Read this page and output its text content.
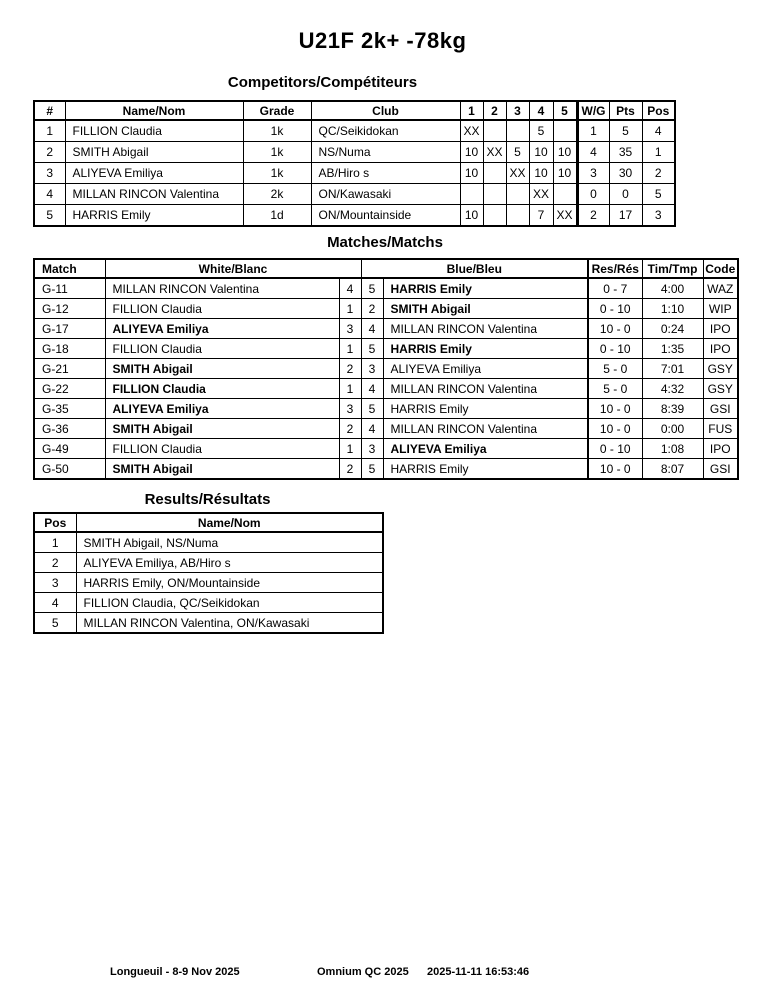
U21F 2k+ -78kg
Competitors/Compétiteurs
#	Name/Nom	Grade	Club	1	2	3	4	5	W/G	Pts	Pos
1	FILLION Claudia	1k	QC/Seikidokan	XX			5		1	5	4
2	SMITH Abigail	1k	NS/Numa	10	XX	5	10	10	4	35	1
3	ALIYEVA Emiliya	1k	AB/Hiro s	10		XX	10	10	3	30	2
4	MILLAN RINCON Valentina	2k	ON/Kawasaki				XX		0	0	5
5	HARRIS Emily	1d	ON/Mountainside	10			7	XX	2	17	3
Matches/Matchs
Match	White/Blanc		Blue/Bleu		Res/Rés	Tim/Tmp	Code
G-11	MILLAN RINCON Valentina	4	5	HARRIS Emily	0 - 7	4:00	WAZ
G-12	FILLION Claudia	1	2	SMITH Abigail	0 - 10	1:10	WIP
G-17	ALIYEVA Emiliya	3	4	MILLAN RINCON Valentina	10 - 0	0:24	IPO
G-18	FILLION Claudia	1	5	HARRIS Emily	0 - 10	1:35	IPO
G-21	SMITH Abigail	2	3	ALIYEVA Emiliya	5 - 0	7:01	GSY
G-22	FILLION Claudia	1	4	MILLAN RINCON Valentina	5 - 0	4:32	GSY
G-35	ALIYEVA Emiliya	3	5	HARRIS Emily	10 - 0	8:39	GSI
G-36	SMITH Abigail	2	4	MILLAN RINCON Valentina	10 - 0	0:00	FUS
G-49	FILLION Claudia	1	3	ALIYEVA Emiliya	0 - 10	1:08	IPO
G-50	SMITH Abigail	2	5	HARRIS Emily	10 - 0	8:07	GSI
Results/Résultats
Pos	Name/Nom
1	SMITH Abigail, NS/Numa
2	ALIYEVA Emiliya, AB/Hiro s
3	HARRIS Emily, ON/Mountainside
4	FILLION Claudia, QC/Seikidokan
5	MILLAN RINCON Valentina, ON/Kawasaki
Longueuil - 8-9 Nov 2025	Omnium QC 2025 2025-11-11 16:53:46
